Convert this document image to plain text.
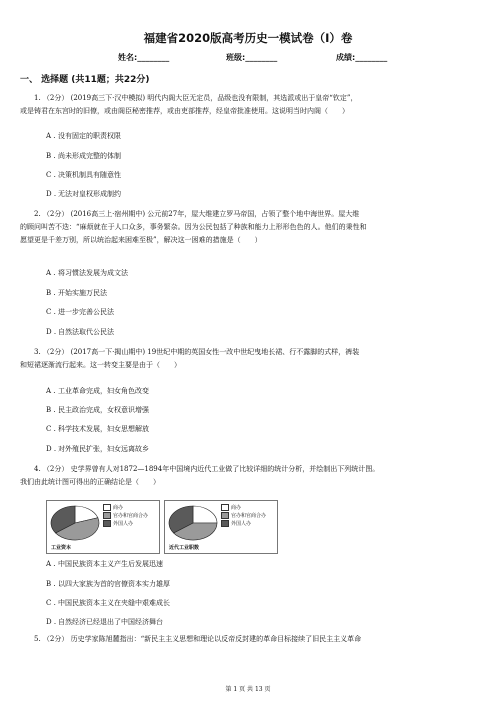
福建省2020版高考历史一模试卷（I）卷
姓名:________	班级:________	成绩:________
一、 选择题 (共11题；共22分)
1. （2分） (2019高三下·汉中模拟) 明代内阁大臣无定员，品级也没有限制，其选派或出于皇帝“钦定”，
或是铸君在东宫时的旧僚，或由阁臣秘密推荐，或由吏部推荐，经皇帝批准使用。这说明当时内阁（　　）
A . 没有固定的职责权限
B . 尚未形成完整的体制
C . 决策机制具有随意性
D . 无法对皇权形成制约
2. （2分） (2016高三上·宿州期中) 公元前27年，屋大维建立罗马帝国，占领了整个地中海世界。屋大维
的顾问叫苦不迭：“麻烦就在于人口众多，事务繁杂。因为公民包括了种族和能力上形形色色的人。他们的秉性和
愿望更是千差万别，所以统治起来困难至极”，解决这一困难的措施是（　　）
A . 将习惯法发展为成文法
B . 开始实施万民法
C . 进一步完善公民法
D . 自然法取代公民法
3. （2分） (2017高一下·揭山期中) 19世纪中期的英国女性一改中世纪曳地长裙、行不露脚的式样，裤装
和短裙逐渐流行起来。这一转变主要是由于（　　）
A . 工业革命完成，妇女角色改变
B . 民主政治完成，女权意识增强
C . 科学技术发展，妇女思想解放
D . 对外殖民扩张，妇女远离故乡
4. （2分） 史学界曾有人对1872—1894年中国境内近代工业做了比较详细的统计分析，并绘制出下列统计图。
我们由此统计图可得出的正确结论是（　　）
商办
官办和官商合办
外国人办
工业资本
商办
官办和官商合办
外国人办
近代工业职数
A . 中国民族资本主义产生后发展迅速
B . 以四大家族为首的官僚资本实力雄厚
C . 中国民族资本主义在夹缝中艰难成长
D . 自然经济已经退出了中国经济舞台
5. （2分） 历史学家陈旭麓指出：“新民主主义思想和理论以反帝反封建的革命目标接续了旧民主主义革命
第 1 页 共 13 页
